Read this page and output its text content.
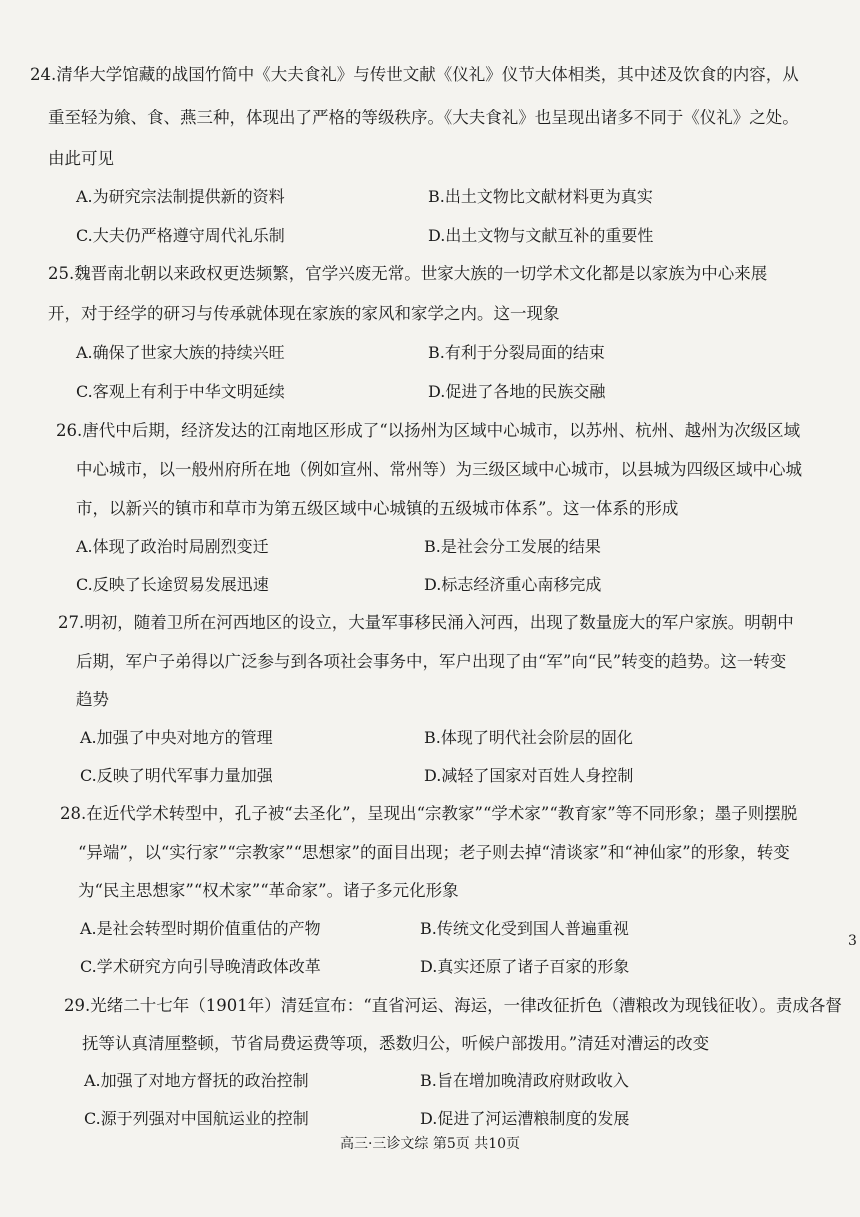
24.清华大学馆藏的战国竹简中《大夫食礼》与传世文献《仪礼》仪节大体相类，其中述及饮食的内容，从
重至轻为飨、食、燕三种，体现出了严格的等级秩序。《大夫食礼》也呈现出诸多不同于《仪礼》之处。
由此可见
A.为研究宗法制提供新的资料	B.出土文物比文献材料更为真实
C.大夫仍严格遵守周代礼乐制	D.出土文物与文献互补的重要性
25.魏晋南北朝以来政权更迭频繁，官学兴废无常。世家大族的一切学术文化都是以家族为中心来展
开，对于经学的研习与传承就体现在家族的家风和家学之内。这一现象
A.确保了世家大族的持续兴旺	B.有利于分裂局面的结束
C.客观上有利于中华文明延续	D.促进了各地的民族交融
26.唐代中后期，经济发达的江南地区形成了“以扬州为区域中心城市，以苏州、杭州、越州为次级区域
中心城市，以一般州府所在地（例如宣州、常州等）为三级区域中心城市，以县城为四级区域中心城
市，以新兴的镇市和草市为第五级区域中心城镇的五级城市体系”。这一体系的形成
A.体现了政治时局剧烈变迁	B.是社会分工发展的结果
C.反映了长途贸易发展迅速	D.标志经济重心南移完成
27.明初，随着卫所在河西地区的设立，大量军事移民涌入河西，出现了数量庞大的军户家族。明朝中
后期，军户子弟得以广泛参与到各项社会事务中，军户出现了由“军”向“民”转变的趋势。这一转变
趋势
A.加强了中央对地方的管理	B.体现了明代社会阶层的固化
C.反映了明代军事力量加强	D.减轻了国家对百姓人身控制
28.在近代学术转型中，孔子被“去圣化”，呈现出“宗教家”“学术家”“教育家”等不同形象；墨子则摆脱
“异端”，以“实行家”“宗教家”“思想家”的面目出现；老子则去掉“清谈家”和“神仙家”的形象，转变
为“民主思想家”“权术家”“革命家”。诸子多元化形象
A.是社会转型时期价值重估的产物	B.传统文化受到国人普遍重视
C.学术研究方向引导晚清政体改革	D.真实还原了诸子百家的形象
29.光绪二十七年（1901年）清廷宣布：“直省河运、海运，一律改征折色（漕粮改为现钱征收）。责成各督
抚等认真清厘整顿，节省局费运费等项，悉数归公，听候户部拨用。”清廷对漕运的改变
A.加强了对地方督抚的政治控制	B.旨在增加晚清政府财政收入
C.源于列强对中国航运业的控制	D.促进了河运漕粮制度的发展
3
高三·三诊文综 第5页 共10页
